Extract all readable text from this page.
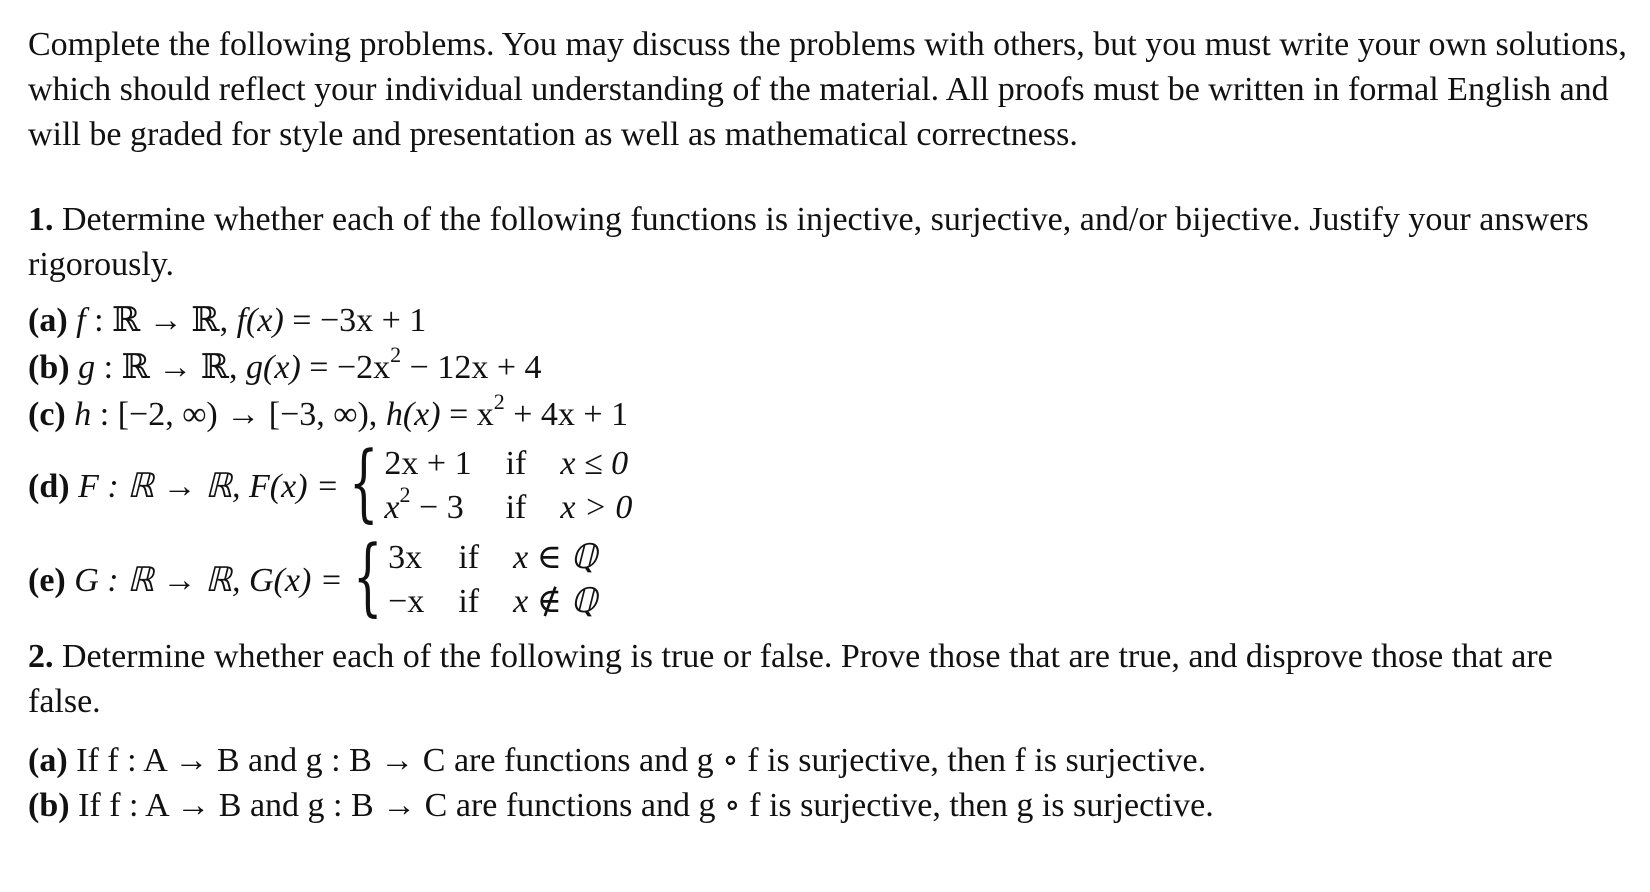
Complete the following problems. You may discuss the problems with others, but you must write your own solutions, which should reflect your individual understanding of the material. All proofs must be written in formal English and will be graded for style and presentation as well as mathematical correctness.

1. Determine whether each of the following functions is injective, surjective, and/or bijective. Justify your answers rigorously.

(a) f : ℝ → ℝ, f(x) = −3x + 1
(b) g : ℝ → ℝ, $g(x) = -2x^2 - 12x + 4$
(c) h : [−2, ∞) → [−3, ∞), $h(x) = x^2 + 4x + 1$
(d) F : ℝ → ℝ, F(x) = { 2x + 1 if x ≤ 0
$x^2 - 3$ if x > 0
(e) G : ℝ → ℝ, G(x) = { 3x if x ∈ ℚ
−x if x ∉ ℚ

2. Determine whether each of the following is true or false. Prove those that are true, and disprove those that are false.

(a) If f : A → B and g : B → C are functions and g ∘ f is surjective, then f is surjective.
(b) If f : A → B and g : B → C are functions and g ∘ f is surjective, then g is surjective.
